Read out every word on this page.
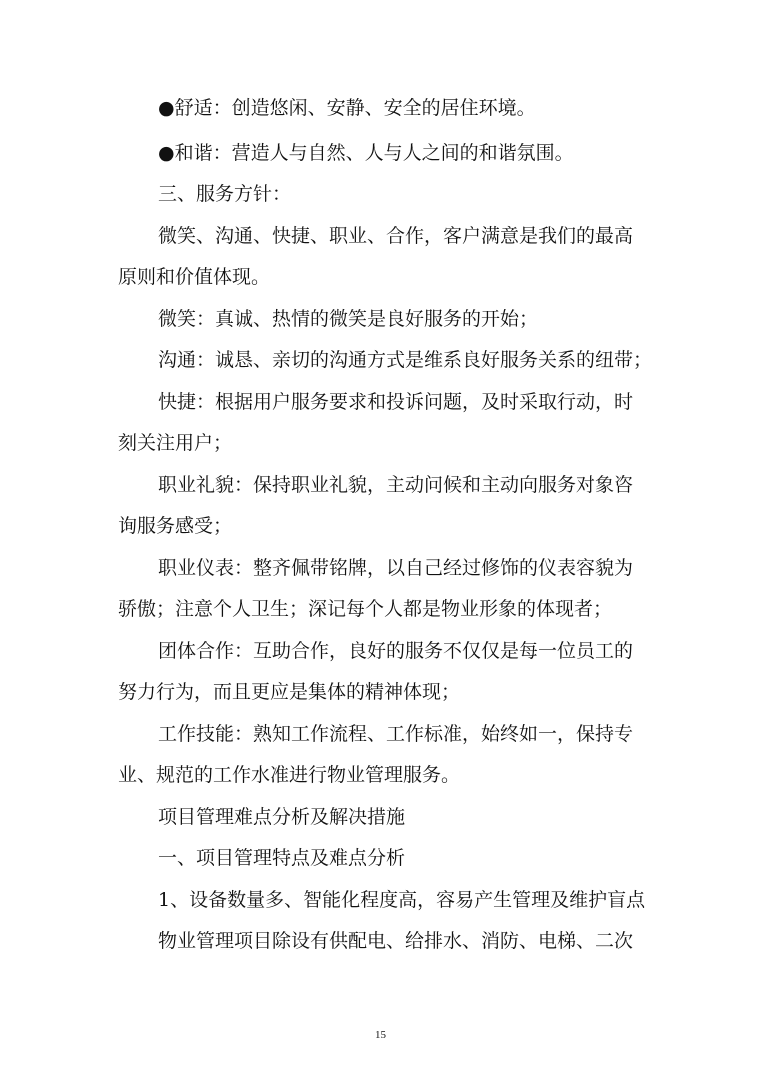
●舒适：创造悠闲、安静、安全的居住环境。
●和谐：营造人与自然、人与人之间的和谐氛围。
三、服务方针：
微笑、沟通、快捷、职业、合作，客户满意是我们的最高
原则和价值体现。
微笑：真诚、热情的微笑是良好服务的开始；
沟通：诚恳、亲切的沟通方式是维系良好服务关系的纽带；
快捷：根据用户服务要求和投诉问题，及时采取行动，时
刻关注用户；
职业礼貌：保持职业礼貌，主动问候和主动向服务对象咨
询服务感受；
职业仪表：整齐佩带铭牌，以自己经过修饰的仪表容貌为
骄傲；注意个人卫生；深记每个人都是物业形象的体现者；
团体合作：互助合作，良好的服务不仅仅是每一位员工的
努力行为，而且更应是集体的精神体现；
工作技能：熟知工作流程、工作标准，始终如一，保持专
业、规范的工作水准进行物业管理服务。
项目管理难点分析及解决措施
一、项目管理特点及难点分析
1、设备数量多、智能化程度高，容易产生管理及维护盲点
物业管理项目除设有供配电、给排水、消防、电梯、二次
15
